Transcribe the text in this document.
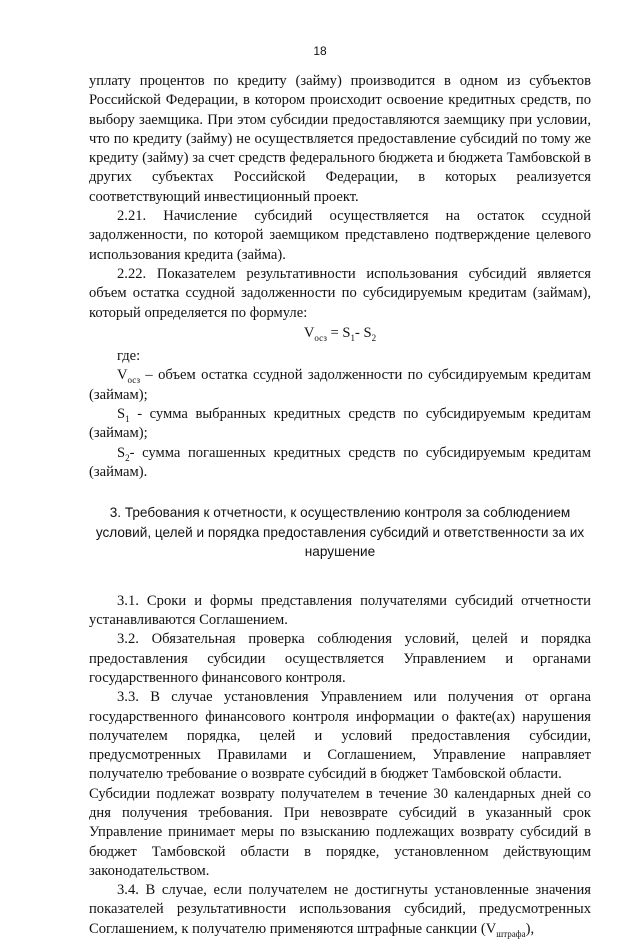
18

уплату процентов по кредиту (займу) производится в одном из субъектов Российской Федерации, в котором происходит освоение кредитных средств, по выбору заемщика. При этом субсидии предоставляются заемщику при условии, что по кредиту (займу) не осуществляется предоставление субсидий по тому же кредиту (займу) за счет средств федерального бюджета и бюджета Тамбовской в других субъектах Российской Федерации, в которых реализуется соответствующий инвестиционный проект.

2.21. Начисление субсидий осуществляется на остаток ссудной задолженности, по которой заемщиком представлено подтверждение целевого использования кредита (займа).

2.22. Показателем результативности использования субсидий является объем остатка ссудной задолженности по субсидируемым кредитам (займам), который определяется по формуле:

$V_{осз} = S_1-$ $S_2$

где:

$V_{осз}$ – объем остатка ссудной задолженности по субсидируемым кредитам (займам);

$S_1$ - сумма выбранных кредитных средств по субсидируемым кредитам (займам);

$S_2-$ сумма погашенных кредитных средств по субсидируемым кредитам (займам).

3. Требования к отчетности, к осуществлению контроля за соблюдением условий, целей и порядка предоставления субсидий и ответственности за их нарушение

3.1. Сроки и формы представления получателями субсидий отчетности устанавливаются Соглашением.

3.2. Обязательная проверка соблюдения условий, целей и порядка предоставления субсидии осуществляется Управлением и органами государственного финансового контроля.

3.3. В случае установления Управлением или получения от органа государственного финансового контроля информации о факте(ах) нарушения получателем порядка, целей и условий предоставления субсидии, предусмотренных Правилами и Соглашением, Управление направляет получателю требование о возврате субсидий в бюджет Тамбовской области.

Субсидии подлежат возврату получателем в течение 30 календарных дней со дня получения требования. При невозврате субсидий в указанный срок Управление принимает меры по взысканию подлежащих возврату субсидий в бюджет Тамбовской области в порядке, установленном действующим законодательством.

3.4. В случае, если получателем не достигнуты установленные значения показателей результативности использования субсидий, предусмотренных Соглашением, к получателю применяются штрафные санкции $(V_{штрафа})$,
